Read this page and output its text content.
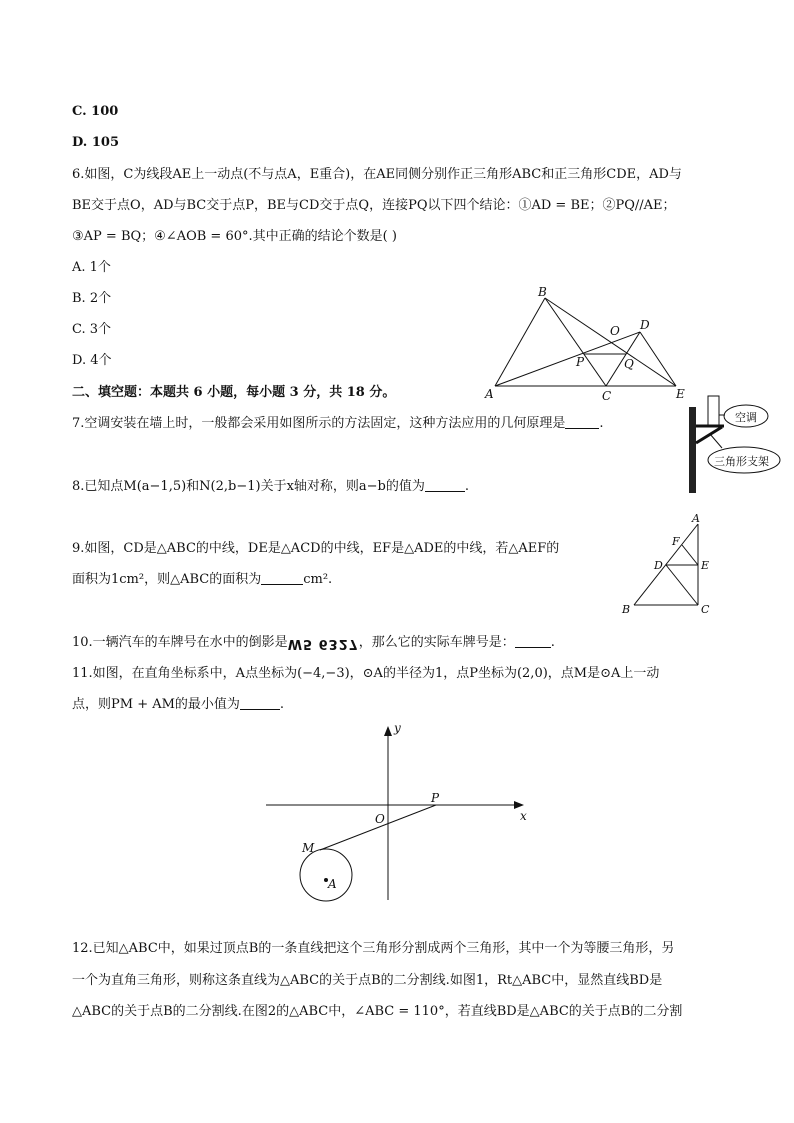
C. 100
D. 105
6.如图，C为线段AE上一动点(不与点A，E重合)，在AE同侧分别作正三角形ABC和正三角形CDE，AD与
BE交于点O，AD与BC交于点P，BE与CD交于点Q，连接PQ以下四个结论：①AD = BE；②PQ//AE；
③AP = BQ；④∠AOB = 60°.其中正确的结论个数是( )
A. 1个
B. 2个
C. 3个
D. 4个
A
B
C
D
E
O
P	Q
二、填空题：本题共 6 小题，每小题 3 分，共 18 分。
7.空调安装在墙上时，一般都会采用如图所示的方法固定，这种方法应用的几何原理是	.	空调
三角形支架
8.已知点M(a−1,5)和N(2,b−1)关于x轴对称，则a−b的值为	.
9.如图，CD是△ABC的中线，DE是△ACD的中线，EF是△ADE的中线，若△AEF的
面积为1cm²，则△ABC的面积为	cm².
A
B	C
D	E
F
10.一辆汽车的车牌号在水中的倒影是W5 6327，那么它的实际车牌号是：	.
11.如图，在直角坐标系中，A点坐标为(−4,−3)，⊙A的半径为1，点P坐标为(2,0)，点M是⊙A上一动
点，则PM + AM的最小值为	.
y
x
O
P
M
A
12.已知△ABC中，如果过顶点B的一条直线把这个三角形分割成两个三角形，其中一个为等腰三角形，另
一个为直角三角形，则称这条直线为△ABC的关于点B的二分割线.如图1，Rt△ABC中，显然直线BD是
△ABC的关于点B的二分割线.在图2的△ABC中，∠ABC = 110°，若直线BD是△ABC的关于点B的二分割
